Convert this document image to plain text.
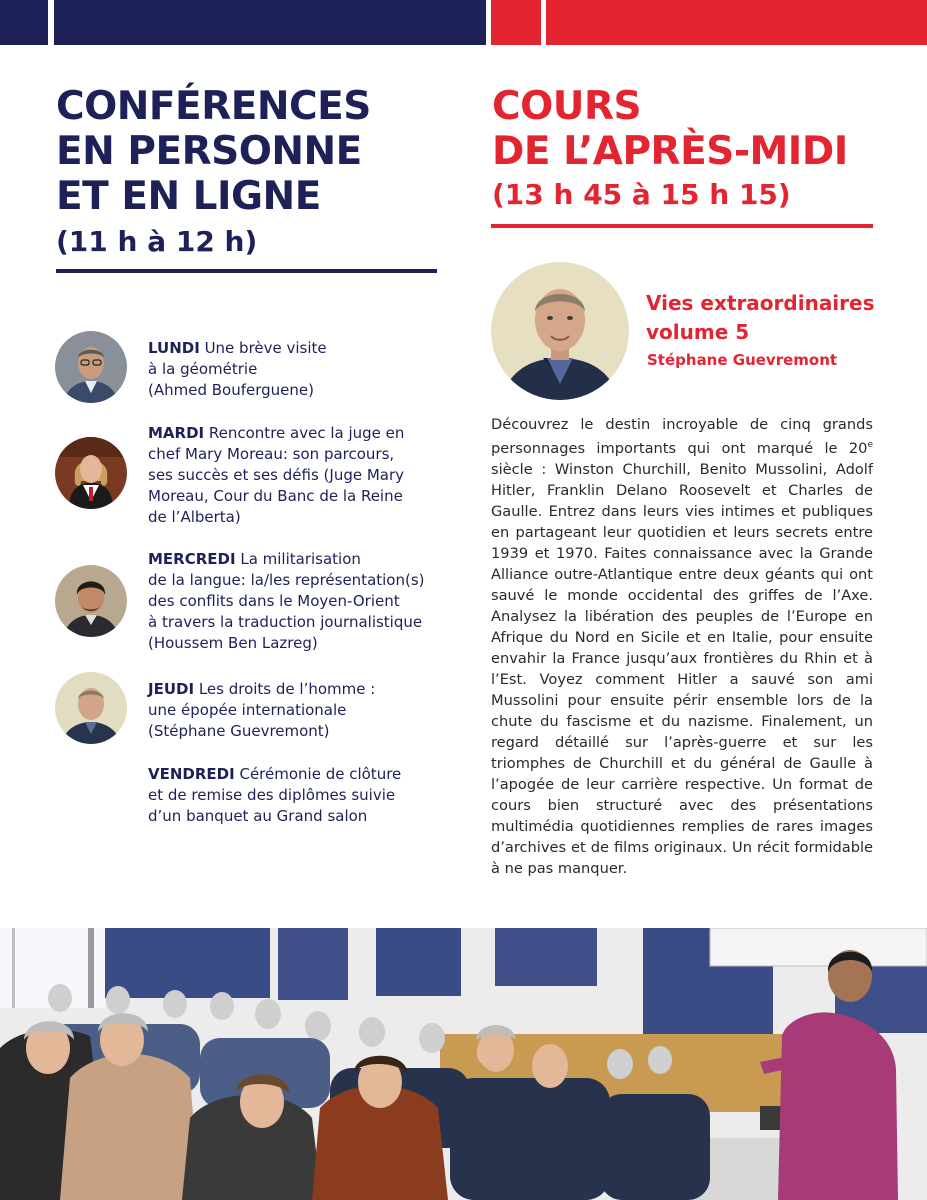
CONFÉRENCES
EN PERSONNE
ET EN LIGNE
(11 h à 12 h)
COURS
DE L’APRÈS-MIDI
(13 h 45 à 15 h 15)
LUNDI Une brève visite
à la géométrie
(Ahmed Bouferguene)
MARDI Rencontre avec la juge en
chef Mary Moreau: son parcours,
ses succès et ses défis (Juge Mary
Moreau, Cour du Banc de la Reine
de l’Alberta)
MERCREDI La militarisation
de la langue: la/les représentation(s)
des conflits dans le Moyen-Orient
à travers la traduction journalistique
(Houssem Ben Lazreg)
JEUDI Les droits de l’homme :
une épopée internationale
(Stéphane Guevremont)
VENDREDI Cérémonie de clôture
et de remise des diplômes suivie
d’un banquet au Grand salon
Vies extraordinaires
volume 5
Stéphane Guevremont

Découvrez le destin incroyable de cinq grands personnages importants qui ont marqué le 20e siècle : Winston Churchill, Benito Mussolini, Adolf Hitler, Franklin Delano Roosevelt et Charles de Gaulle. Entrez dans leurs vies intimes et publiques en partageant leur quotidien et leurs secrets entre 1939 et 1970. Faites connaissance avec la Grande Alliance outre-Atlantique entre deux géants qui ont sauvé le monde occidental des griffes de l’Axe. Analysez la libération des peuples de l’Europe en Afrique du Nord en Sicile et en Italie, pour ensuite envahir la France jusqu’aux frontières du Rhin et à l’Est. Voyez comment Hitler a sauvé son ami Mussolini pour ensuite périr ensemble lors de la chute du fascisme et du nazisme. Finalement, un regard détaillé sur l’après-guerre et sur les triomphes de Churchill et du général de Gaulle à l’apogée de leur carrière respective. Un format de cours bien structuré avec des présentations multimédia quotidiennes remplies de rares images d’archives et de films originaux. Un récit formidable à ne pas manquer.
